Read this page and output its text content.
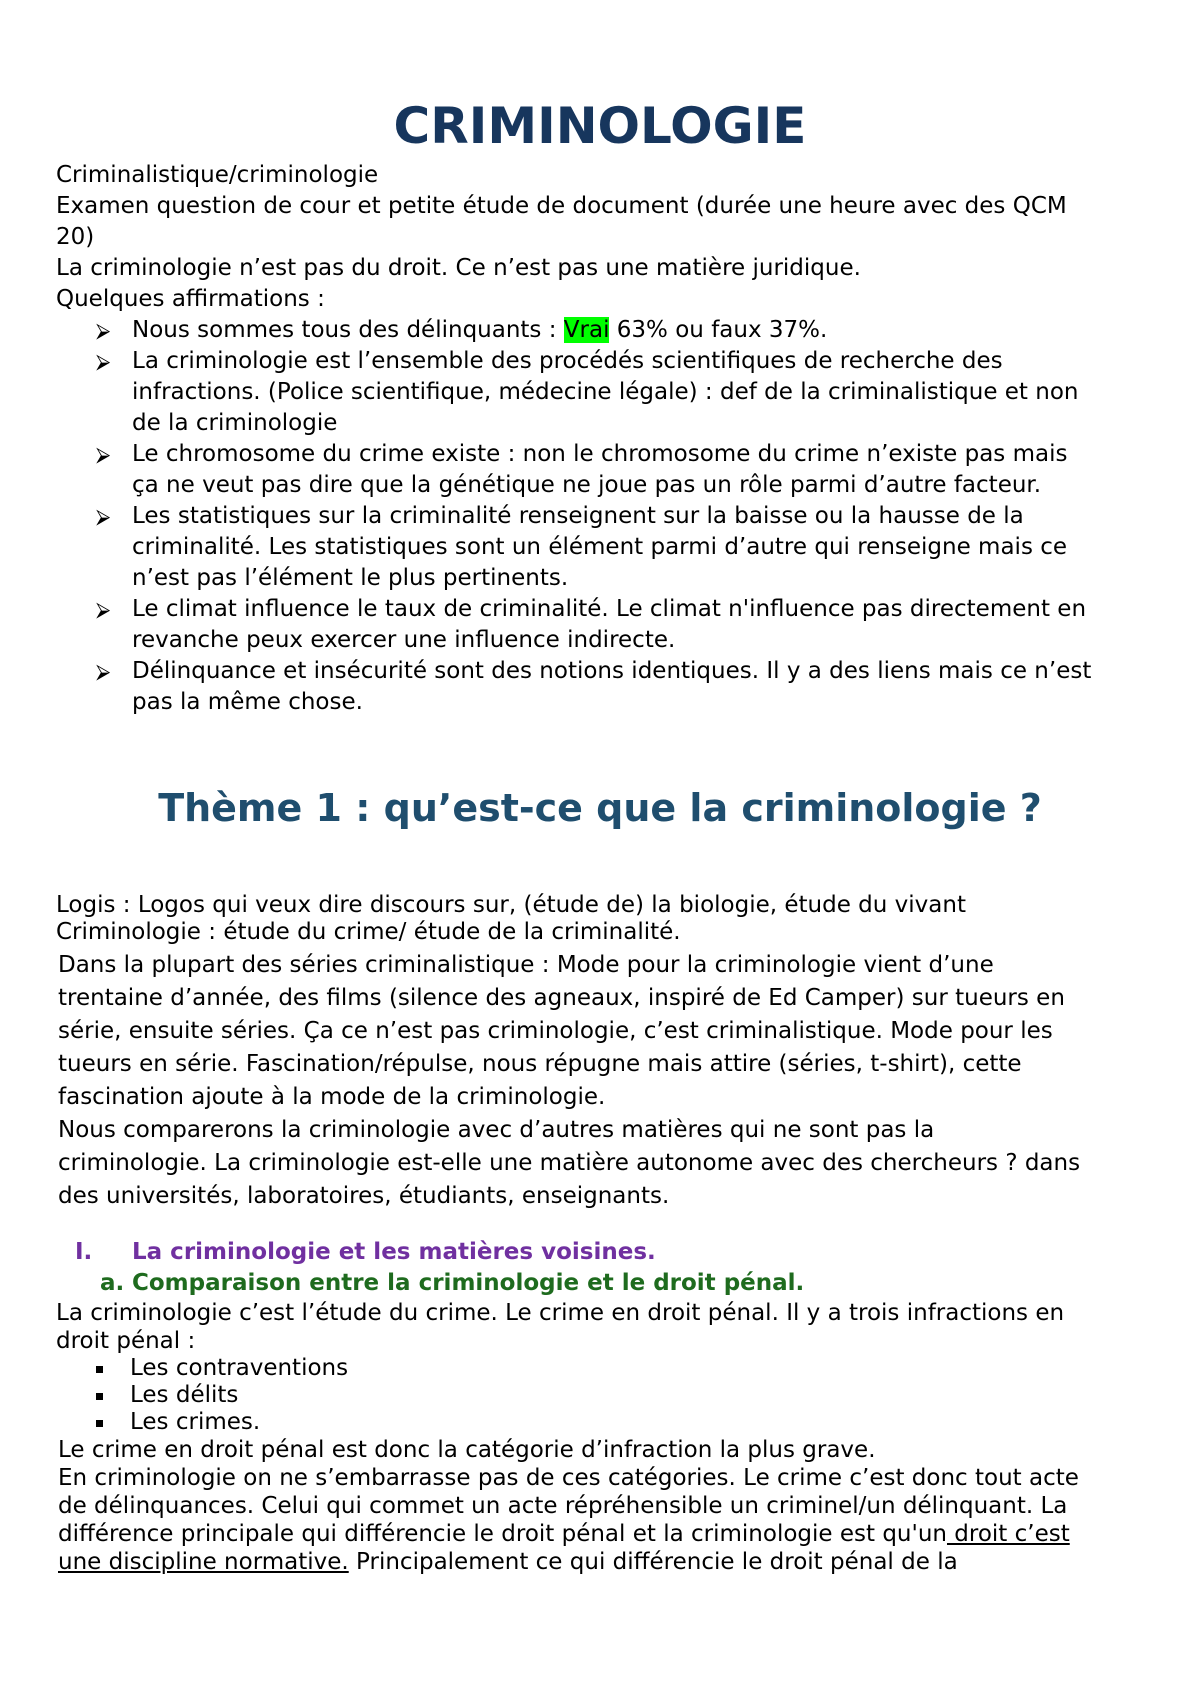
CRIMINOLOGIE
Criminalistique/criminologie
Examen question de cour et petite étude de document (durée une heure avec des QCM
20)
La criminologie n’est pas du droit. Ce n’est pas une matière juridique.
Quelques affirmations :
⮚ Nous sommes tous des délinquants : Vrai 63% ou faux 37%.
⮚ La criminologie est l’ensemble des procédés scientifiques de recherche des
infractions. (Police scientifique, médecine légale) : def de la criminalistique et non
de la criminologie
⮚ Le chromosome du crime existe : non le chromosome du crime n’existe pas mais
ça ne veut pas dire que la génétique ne joue pas un rôle parmi d’autre facteur.
⮚ Les statistiques sur la criminalité renseignent sur la baisse ou la hausse de la
criminalité. Les statistiques sont un élément parmi d’autre qui renseigne mais ce
n’est pas l’élément le plus pertinents.
⮚ Le climat influence le taux de criminalité. Le climat n'influence pas directement en
revanche peux exercer une influence indirecte.
⮚ Délinquance et insécurité sont des notions identiques. Il y a des liens mais ce n’est
pas la même chose.
Thème 1 : qu’est-ce que la criminologie ?
Logis : Logos qui veux dire discours sur, (étude de) la biologie, étude du vivant
Criminologie : étude du crime/ étude de la criminalité.
Dans la plupart des séries criminalistique : Mode pour la criminologie vient d’une
trentaine d’année, des films (silence des agneaux, inspiré de Ed Camper) sur tueurs en
série, ensuite séries. Ça ce n’est pas criminologie, c’est criminalistique. Mode pour les
tueurs en série. Fascination/répulse, nous répugne mais attire (séries, t-shirt), cette
fascination ajoute à la mode de la criminologie.
Nous comparerons la criminologie avec d’autres matières qui ne sont pas la
criminologie. La criminologie est-elle une matière autonome avec des chercheurs ? dans
des universités, laboratoires, étudiants, enseignants.
I. La criminologie et les matières voisines.
a. Comparaison entre la criminologie et le droit pénal.
La criminologie c’est l’étude du crime. Le crime en droit pénal. Il y a trois infractions en
droit pénal :
Les contraventions
Les délits
Les crimes.
Le crime en droit pénal est donc la catégorie d’infraction la plus grave.
En criminologie on ne s’embarrasse pas de ces catégories. Le crime c’est donc tout acte
de délinquances. Celui qui commet un acte répréhensible un criminel/un délinquant. La
différence principale qui différencie le droit pénal et la criminologie est qu'un droit c’est
une discipline normative. Principalement ce qui différencie le droit pénal de la
